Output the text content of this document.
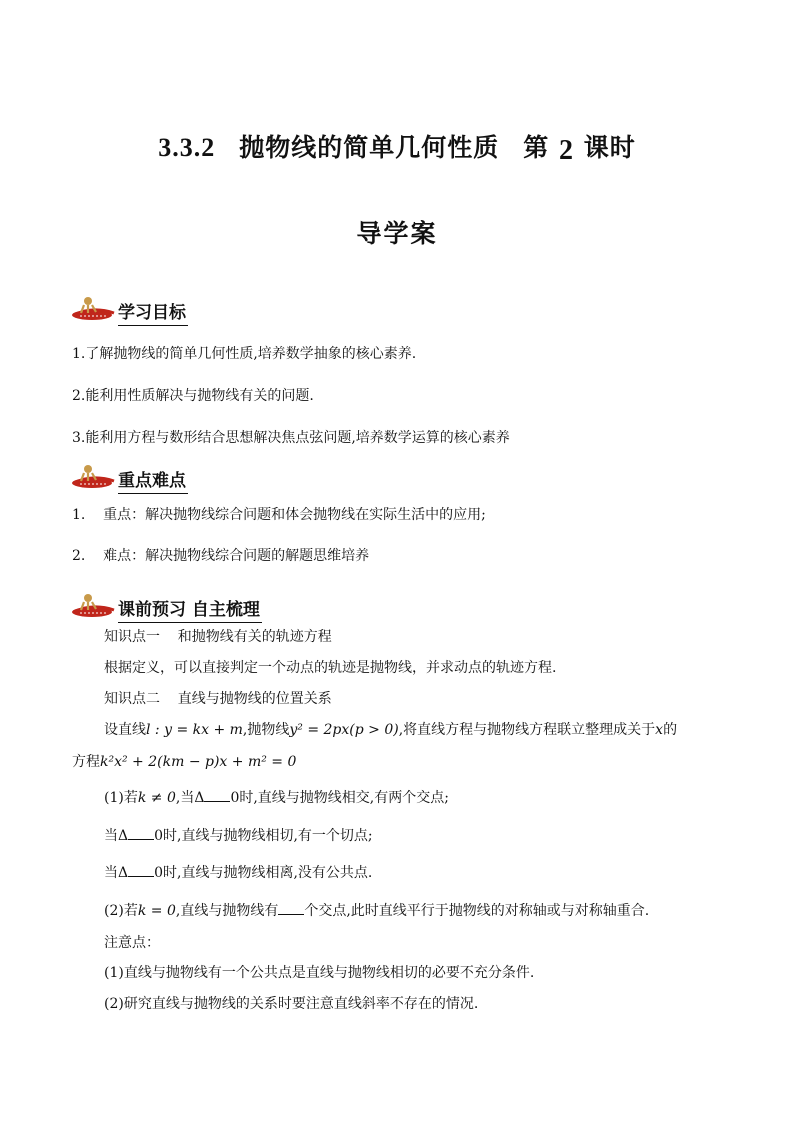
3.3.2 抛物线的简单几何性质 第 2 课时
导学案
学习目标
1.了解抛物线的简单几何性质,培养数学抽象的核心素养.
2.能利用性质解决与抛物线有关的问题.
3.能利用方程与数形结合思想解决焦点弦问题,培养数学运算的核心素养
重点难点
1.    重点：解决抛物线综合问题和体会抛物线在实际生活中的应用;
2.    难点：解决抛物线综合问题的解题思维培养
课前预习 自主梳理
知识点一    和抛物线有关的轨迹方程
根据定义，可以直接判定一个动点的轨迹是抛物线，并求动点的轨迹方程.
知识点二    直线与抛物线的位置关系
设直线l : y = kx + m,抛物线y² = 2px(p > 0),将直线方程与抛物线方程联立整理成关于x的
方程k²x² + 2(km − p)x + m² = 0
(1)若k ≠ 0,当Δ 0时,直线与抛物线相交,有两个交点;
当Δ 0时,直线与抛物线相切,有一个切点;
当Δ 0时,直线与抛物线相离,没有公共点.
(2)若k = 0,直线与抛物线有 个交点,此时直线平行于抛物线的对称轴或与对称轴重合.
注意点：
(1)直线与抛物线有一个公共点是直线与抛物线相切的必要不充分条件.
(2)研究直线与抛物线的关系时要注意直线斜率不存在的情况.
